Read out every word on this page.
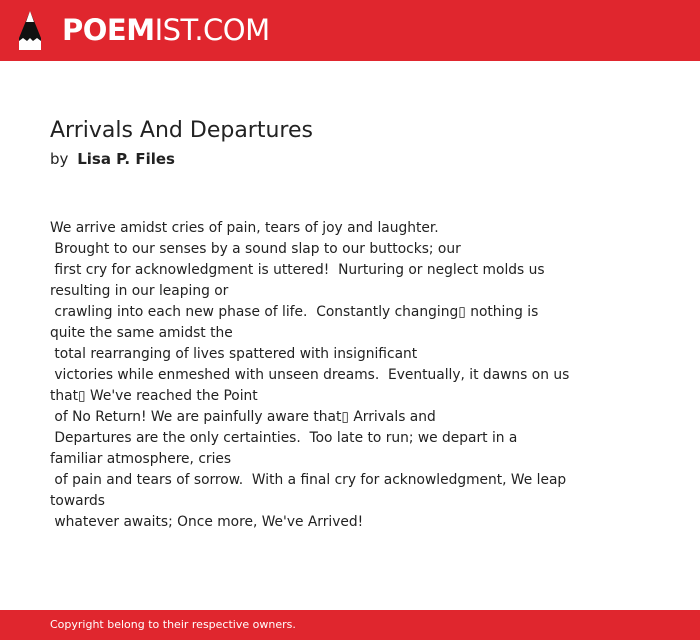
POEMIST.COM
Arrivals And Departures
by Lisa P. Files
We arrive amidst cries of pain, tears of joy and laughter.
Brought to our senses by a sound slap to our buttocks; our
first cry for acknowledgment is uttered!  Nurturing or neglect molds us resulting in our leaping or
crawling into each new phase of life.  Constantly changing▯ nothing is quite the same amidst the
total rearranging of lives spattered with insignificant
victories while enmeshed with unseen dreams.  Eventually, it dawns on us that▯ We've reached the Point
of No Return! We are painfully aware that▯ Arrivals and
Departures are the only certainties.  Too late to run; we depart in a familiar atmosphere, cries
of pain and tears of sorrow.  With a final cry for acknowledgment, We leap towards
whatever awaits; Once more, We've Arrived!
Copyright belong to their respective owners.
